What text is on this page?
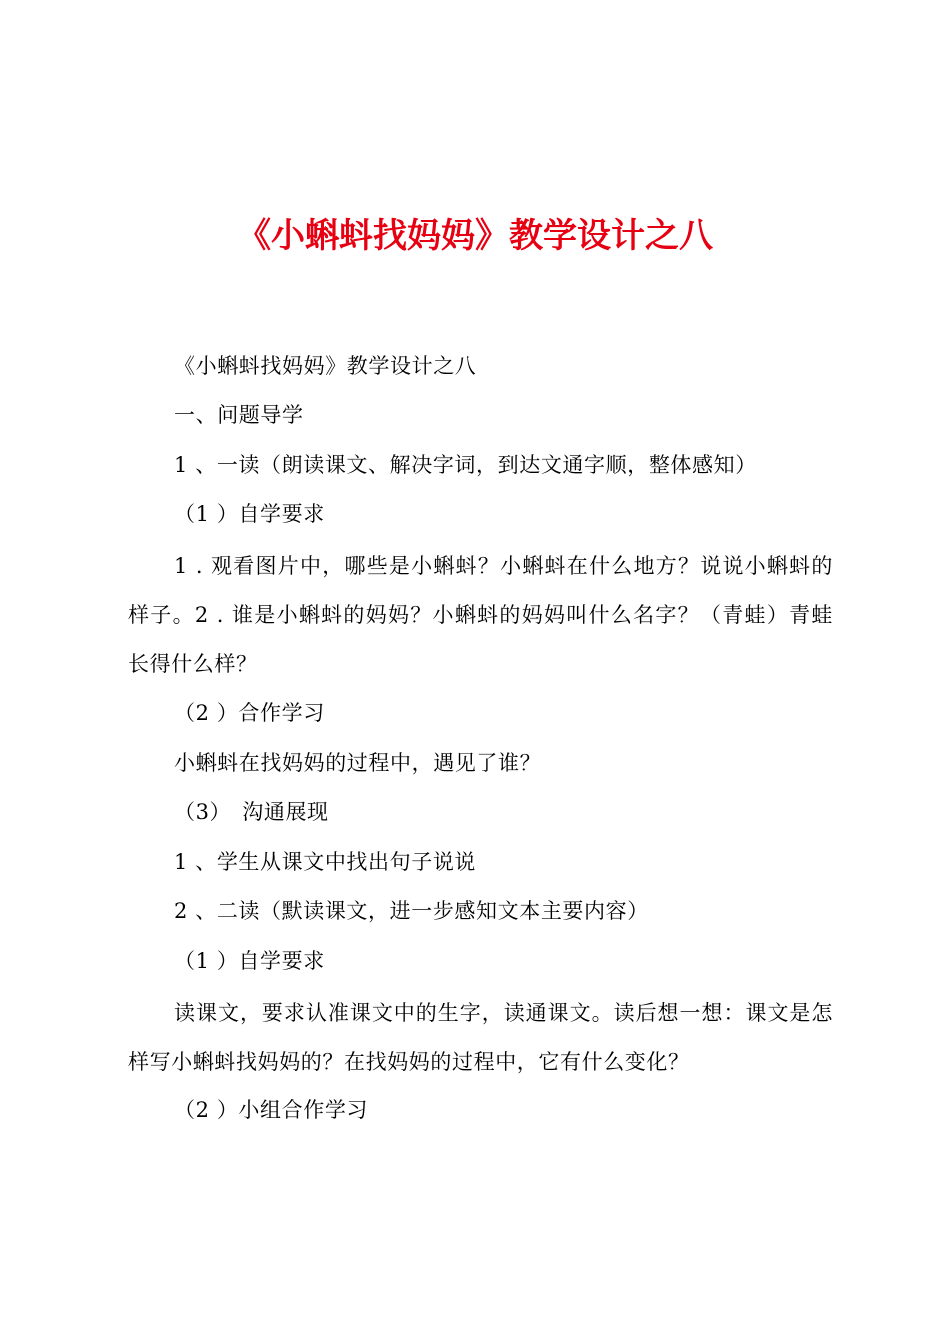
《小蝌蚪找妈妈》教学设计之八

《小蝌蚪找妈妈》教学设计之八

一、问题导学

1 、一读（朗读课文、解决字词，到达文通字顺，整体感知）

（1 ）自学要求

1 . 观看图片中，哪些是小蝌蚪？小蝌蚪在什么地方？说说小蝌蚪的样子。2 . 谁是小蝌蚪的妈妈？小蝌蚪的妈妈叫什么名字？（青蛙）青蛙长得什么样？

（2 ）合作学习

小蝌蚪在找妈妈的过程中，遇见了谁？

（3）　沟通展现

1 、学生从课文中找出句子说说

2 、二读（默读课文，进一步感知文本主要内容）

（1 ）自学要求

读课文，要求认准课文中的生字，读通课文。读后想一想：课文是怎样写小蝌蚪找妈妈的？在找妈妈的过程中，它有什么变化？

（2 ）小组合作学习
